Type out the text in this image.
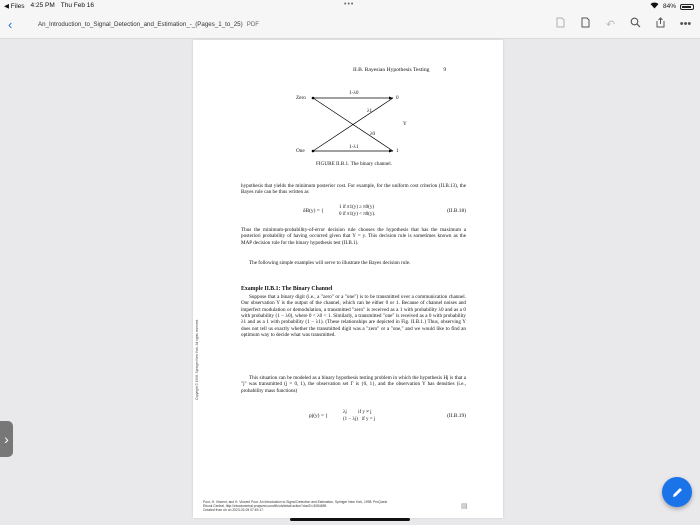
◀ Files 4:25 PM Thu Feb 16	•••	84%
‹	An_Introduction_to_Signal_Detection_and_Estimation_-_(Pages_1_to_25) PDF	↶	•••
II.B. Bayesian Hypothesis Testing	9
Zero
One
1-λ0
1-λ1
λ1
λ0
0
1
Y
FIGURE II.B.1. The binary channel.
hypothesis that yields the minimum posterior cost. For example, for the uniform cost criterion (II.B.13), the Bayes rule can be thus written as
δB(y) = {
1 if π1(y) ≥ π0(y)
0 if π1(y) < π0(y).
(II.B.18)
Thus the minimum-probability-of-error decision rule chooses the hypothesis that has the maximum a posteriori probability of having occurred given that Y = y. This decision rule is sometimes known as the MAP decision rule for the binary hypothesis test (II.B.1).
The following simple examples will serve to illustrate the Bayes decision rule.
Example II.B.1: The Binary Channel
Suppose that a binary digit (i.e., a "zero" or a "one") is to be transmitted over a communication channel. Our observation Y is the output of the channel, which can be either 0 or 1. Because of channel noises and imperfect modulation or demodulation, a transmitted "zero" is received as a 1 with probability λ0 and as a 0 with probability (1 − λ0), where 0 < λ0 < 1. Similarly, a transmitted "one" is received as a 0 with probability λ1 and as a 1 with probability (1 − λ1). (These relationships are depicted in Fig. II.B.1.) Thus, observing Y does not tell us exactly whether the transmitted digit was a "zero" or a "one," and we would like to find an optimum way to decide what was transmitted.
This situation can be modeled as a binary hypothesis testing problem in which the hypothesis Hj is that a "j" was transmitted (j = 0, 1), the observation set Γ is {0, 1}, and the observation Y has densities (i.e., probability mass functions)
pj(y) = {
λj         if y ≠ j
(1 − λj)   if y = j
(II.B.19)
Copyright © 1998. Springer New York. All rights reserved.
Poor, H. Vincent, and H. Vincent Poor. An Introduction to Signal Detection and Estimation, Springer New York, 1998. ProQuest
Ebook Central, http://ebookcentral.proquest.com/lib/uh/detail.action?docID=3084659.
Created from uh on 2023-02-05 07:49:17.	▤
›
